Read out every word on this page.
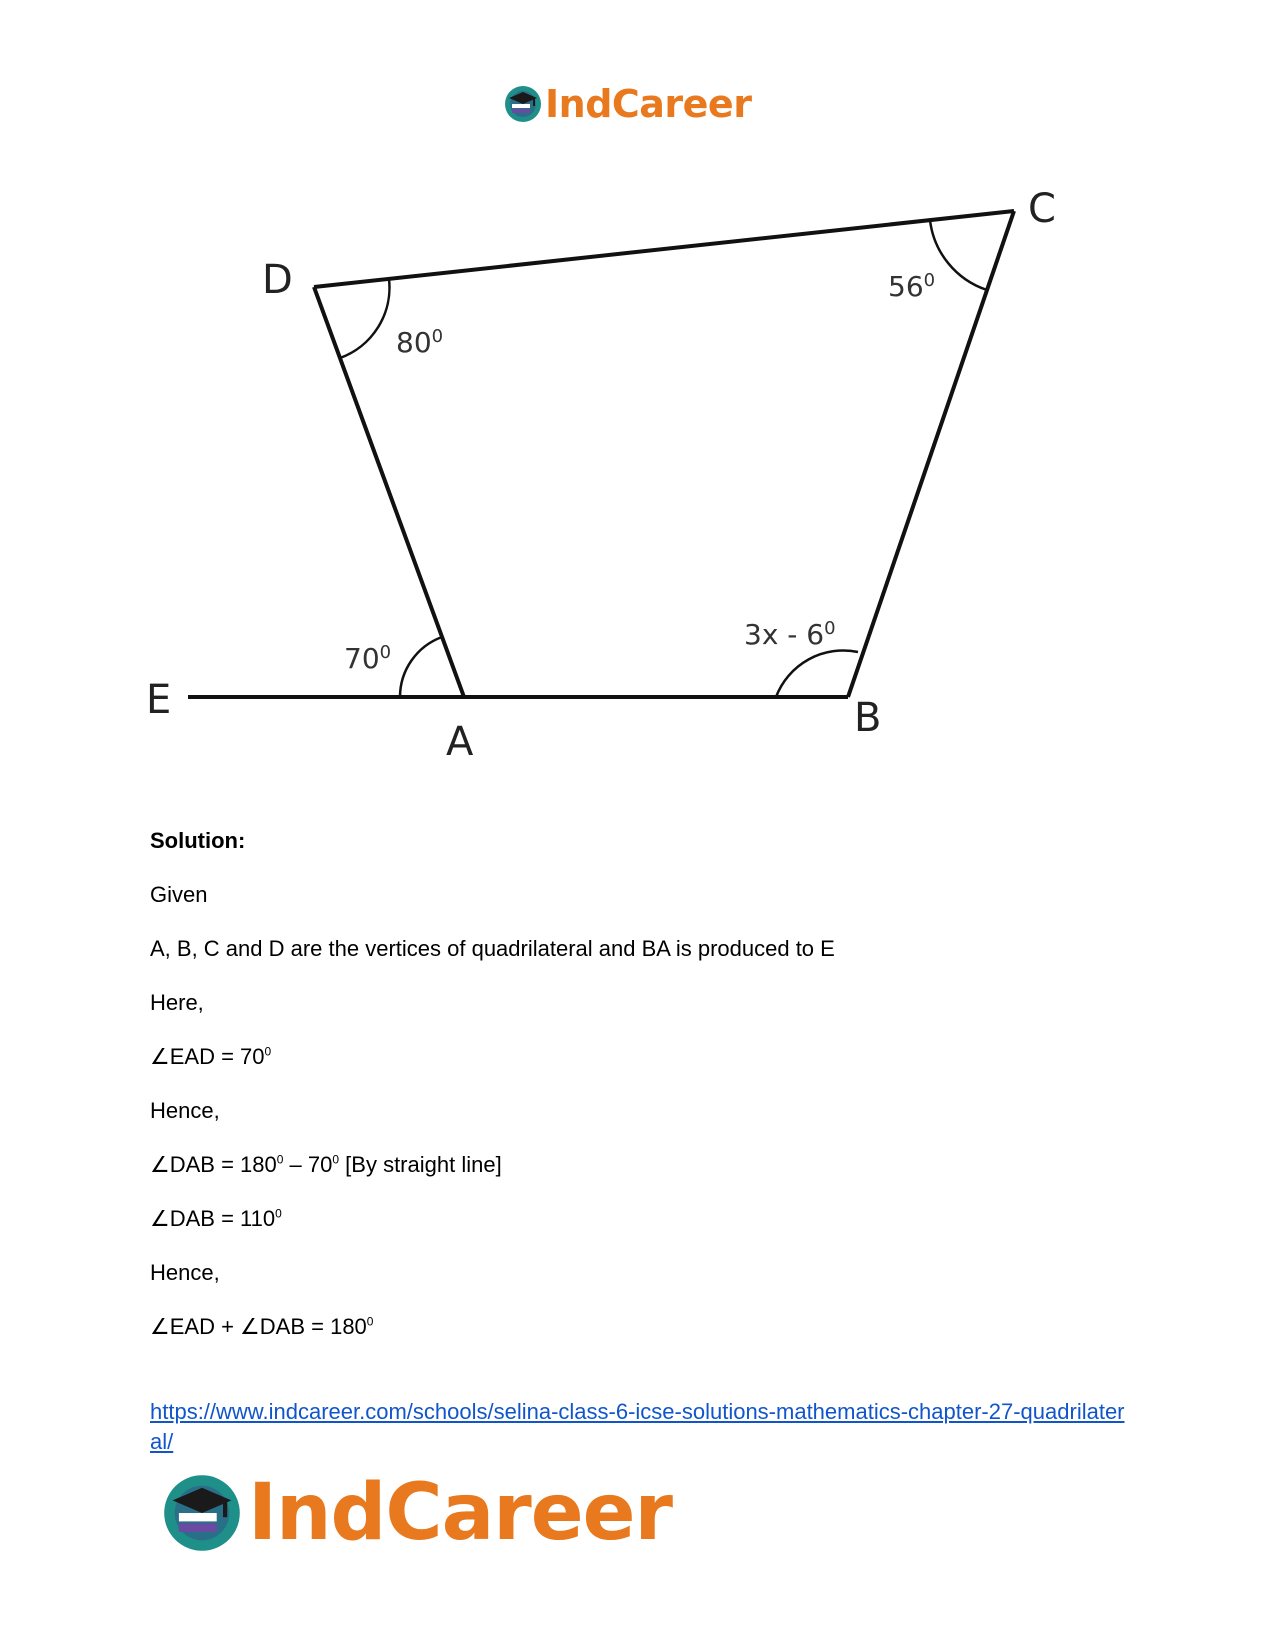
IndCareer
D
C
E
A
B
$80^0$
$56^0$
$70^0$
$3x - 6^0$

Solution:

Given

A, B, C and D are the vertices of quadrilateral and BA is produced to E

Here,

∠EAD = $70^0$

Hence,

∠DAB = $180^0 - 70^0$ [By straight line]

∠DAB = $110^0$

Hence,

∠EAD + ∠DAB = $180^0$

https://www.indcareer.com/schools/selina-class-6-icse-solutions-mathematics-chapter-27-quadrilateral/
IndCareer
